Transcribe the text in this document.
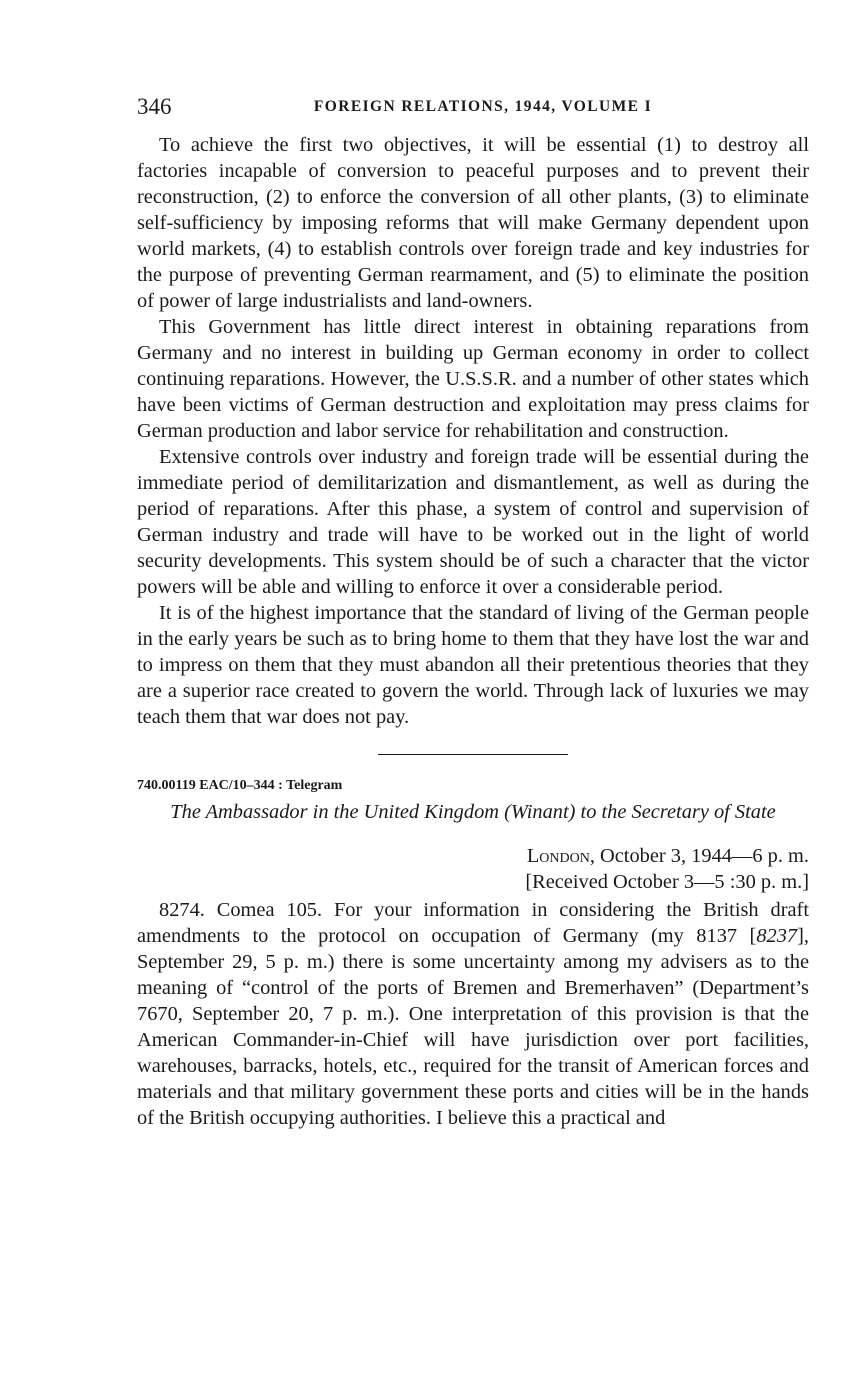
346	FOREIGN RELATIONS, 1944, VOLUME I

To achieve the first two objectives, it will be essential (1) to destroy all factories incapable of conversion to peaceful purposes and to prevent their reconstruction, (2) to enforce the conversion of all other plants, (3) to eliminate self-sufficiency by imposing reforms that will make Germany dependent upon world markets, (4) to establish controls over foreign trade and key industries for the purpose of preventing German rearmament, and (5) to eliminate the position of power of large industrialists and land-owners.

This Government has little direct interest in obtaining reparations from Germany and no interest in building up German economy in order to collect continuing reparations. However, the U.S.S.R. and a number of other states which have been victims of German destruction and exploitation may press claims for German production and labor service for rehabilitation and construction.

Extensive controls over industry and foreign trade will be essential during the immediate period of demilitarization and dismantlement, as well as during the period of reparations. After this phase, a system of control and supervision of German industry and trade will have to be worked out in the light of world security developments. This system should be of such a character that the victor powers will be able and willing to enforce it over a considerable period.

It is of the highest importance that the standard of living of the German people in the early years be such as to bring home to them that they have lost the war and to impress on them that they must abandon all their pretentious theories that they are a superior race created to govern the world. Through lack of luxuries we may teach them that war does not pay.

740.00119 EAC/10–344 : Telegram
The Ambassador in the United Kingdom (Winant) to the Secretary of State
London, October 3, 1944—6 p. m.
[Received October 3—5 :30 p. m.]

8274. Comea 105. For your information in considering the British draft amendments to the protocol on occupation of Germany (my 8137 [8237], September 29, 5 p. m.) there is some uncertainty among my advisers as to the meaning of “control of the ports of Bremen and Bremerhaven” (Department’s 7670, September 20, 7 p. m.). One interpretation of this provision is that the American Commander-in-Chief will have jurisdiction over port facilities, warehouses, barracks, hotels, etc., required for the transit of American forces and materials and that military government these ports and cities will be in the hands of the British occupying authorities. I believe this a practical and
